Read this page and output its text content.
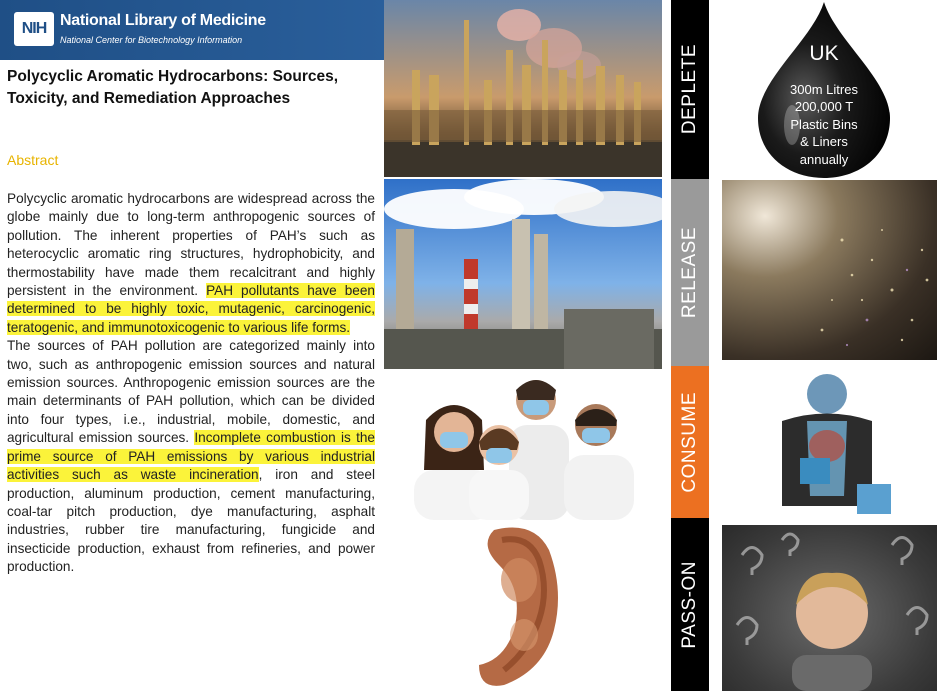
NIH National Library of Medicine
National Center for Biotechnology Information
Polycyclic Aromatic Hydrocarbons: Sources, Toxicity, and Remediation Approaches
Abstract

Polycyclic aromatic hydrocarbons are widespread across the globe mainly due to long-term anthropogenic sources of pollution. The inherent properties of PAH’s such as heterocyclic aromatic ring structures, hydrophobicity, and thermostability have made them recalcitrant and highly persistent in the environment. PAH pollutants have been determined to be highly toxic, mutagenic, carcinogenic, teratogenic, and immunotoxicogenic to various life forms.

The sources of PAH pollution are categorized mainly into two, such as anthropogenic emission sources and natural emission sources. Anthropogenic emission sources are the main determinants of PAH pollution, which can be divided into four types, i.e., industrial, mobile, domestic, and agricultural emission sources. Incomplete combustion is the prime source of PAH emissions by various industrial activities such as waste incineration, iron and steel production, aluminum production, cement manufacturing, coal-tar pitch production, dye manufacturing, asphalt industries, rubber tire manufacturing, fungicide and insecticide production, exhaust from refineries, and power production.

DEPLETE
RELEASE
CONSUME
PASS-ON
UK
300m Litres
200,000 T
Plastic Bins
& Liners
annually
